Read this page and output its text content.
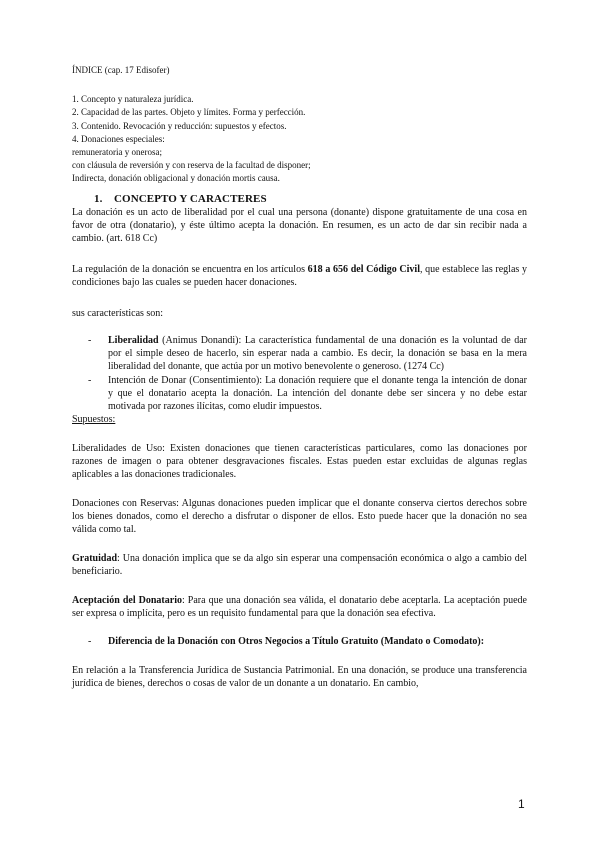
ÍNDICE (cap. 17 Edisofer)

1. Concepto y naturaleza jurídica.

2. Capacidad de las partes. Objeto y límites. Forma y perfección.

3. Contenido. Revocación y reducción: supuestos y efectos.

4. Donaciones especiales:

remuneratoria y onerosa;

con cláusula de reversión y con reserva de la facultad de disponer;

Indirecta, donación obligacional y donación mortis causa.

1. CONCEPTO Y CARACTERES

La donación es un acto de liberalidad por el cual una persona (donante) dispone gratuitamente de una cosa en favor de otra (donatario), y éste último acepta la donación. En resumen, es un acto de dar sin recibir nada a cambio. (art. 618 Cc)

La regulación de la donación se encuentra en los artículos 618 a 656 del Código Civil, que establece las reglas y condiciones bajo las cuales se pueden hacer donaciones.

sus características son:

-	Liberalidad (Animus Donandi): La característica fundamental de una donación es la voluntad de dar por el simple deseo de hacerlo, sin esperar nada a cambio. Es decir, la donación se basa en la mera liberalidad del donante, que actúa por un motivo benevolente o generoso. (1274 Cc)
-	Intención de Donar (Consentimiento): La donación requiere que el donante tenga la intención de donar y que el donatario acepta la donación. La intención del donante debe ser sincera y no debe estar motivada por razones ilícitas, como eludir impuestos.

Supuestos:

Liberalidades de Uso: Existen donaciones que tienen características particulares, como las donaciones por razones de imagen o para obtener desgravaciones fiscales. Estas pueden estar excluidas de algunas reglas aplicables a las donaciones tradicionales.

Donaciones con Reservas: Algunas donaciones pueden implicar que el donante conserva ciertos derechos sobre los bienes donados, como el derecho a disfrutar o disponer de ellos. Esto puede hacer que la donación no sea válida como tal.

Gratuidad: Una donación implica que se da algo sin esperar una compensación económica o algo a cambio del beneficiario.

Aceptación del Donatario: Para que una donación sea válida, el donatario debe aceptarla. La aceptación puede ser expresa o implícita, pero es un requisito fundamental para que la donación sea efectiva.

-	Diferencia de la Donación con Otros Negocios a Título Gratuito (Mandato o Comodato):

En relación a la Transferencia Jurídica de Sustancia Patrimonial. En una donación, se produce una transferencia jurídica de bienes, derechos o cosas de valor de un donante a un donatario. En cambio,

1
